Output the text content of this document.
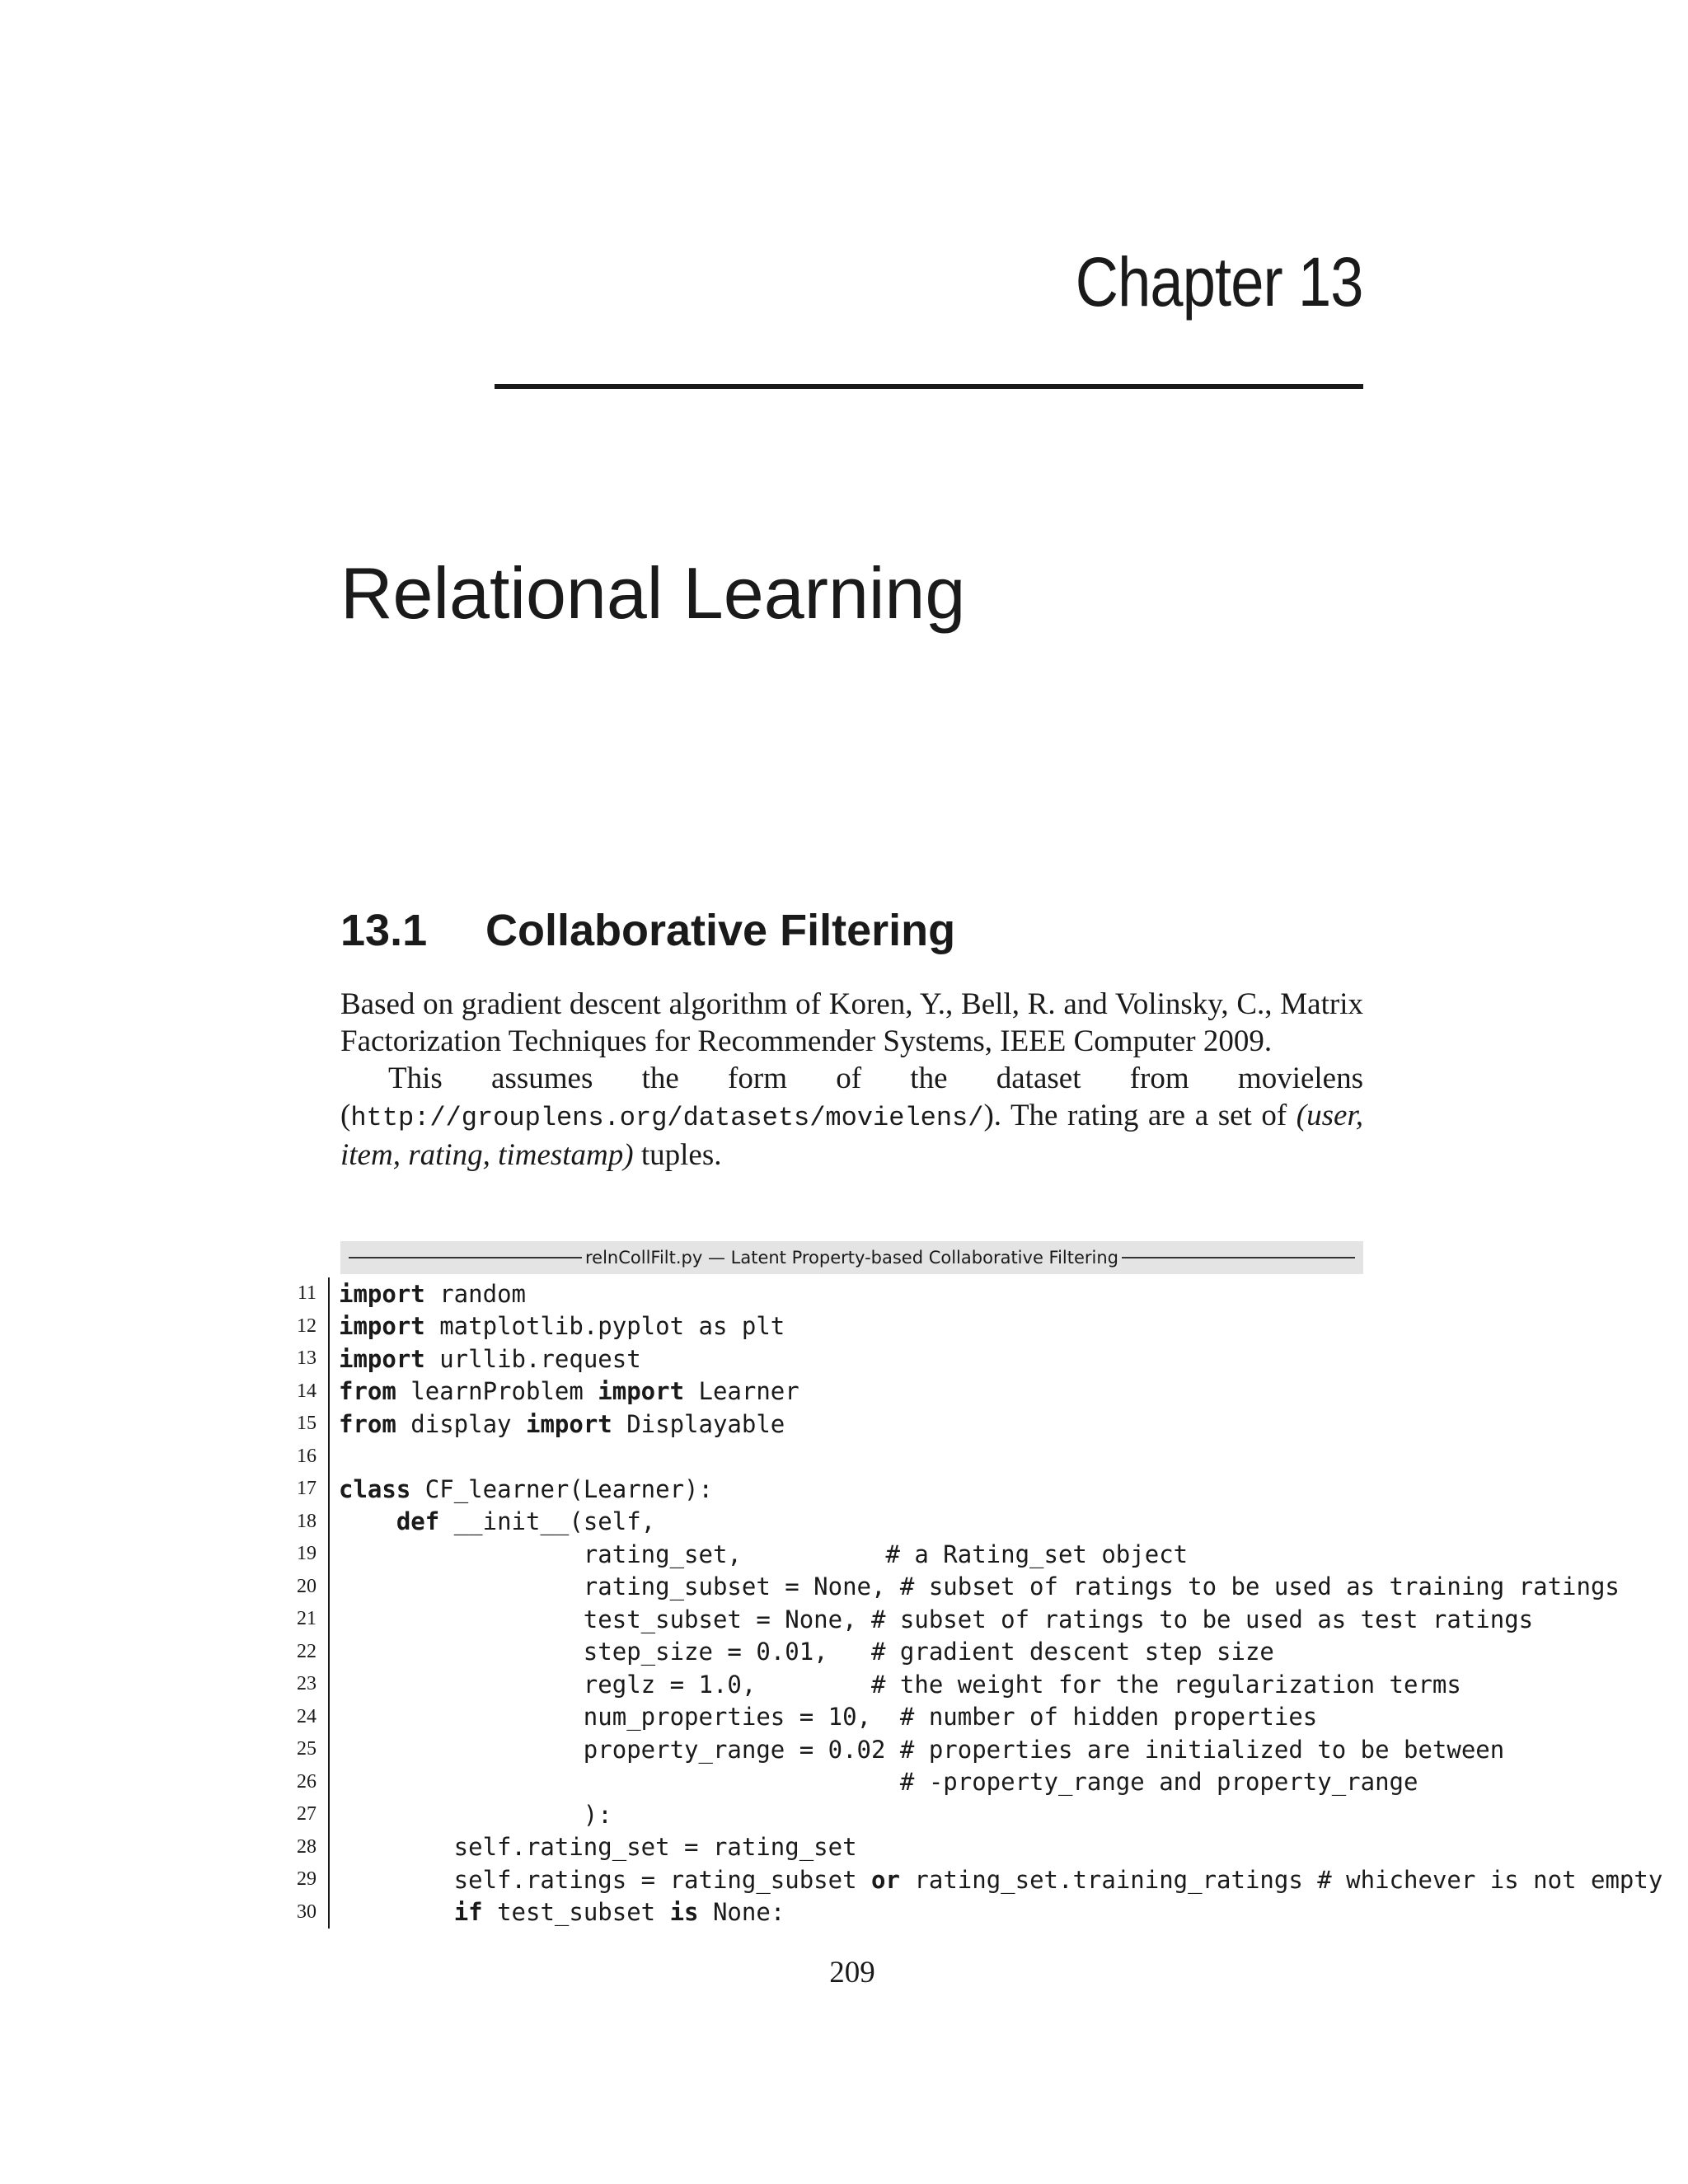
Chapter 13
Relational Learning
13.1 Collaborative Filtering

Based on gradient descent algorithm of Koren, Y., Bell, R. and Volinsky, C., Matrix Factorization Techniques for Recommender Systems, IEEE Computer 2009.

This assumes the form of the dataset from movielens (http://grouplens.org/datasets/movielens/). The rating are a set of (user, item, rating, timestamp) tuples.

relnCollFilt.py — Latent Property-based Collaborative Filtering
11 import random
12 import matplotlib.pyplot as plt
13 import urllib.request
14 from learnProblem import Learner
15 from display import Displayable
16
17 class CF_learner(Learner):
18	def __init__(self,
19 rating_set,          # a Rating_set object
20 rating_subset = None, # subset of ratings to be used as training ratings
21 test_subset = None, # subset of ratings to be used as test ratings
22 step_size = 0.01,   # gradient descent step size
23 reglz = 1.0,        # the weight for the regularization terms
24 num_properties = 10,  # number of hidden properties
25 property_range = 0.02 # properties are initialized to be between
26 # -property_range and property_range
27 ):
28 self.rating_set = rating_set
29 self.ratings = rating_subset or rating_set.training_ratings # whichever is not empty
30	if test_subset is None:
209
